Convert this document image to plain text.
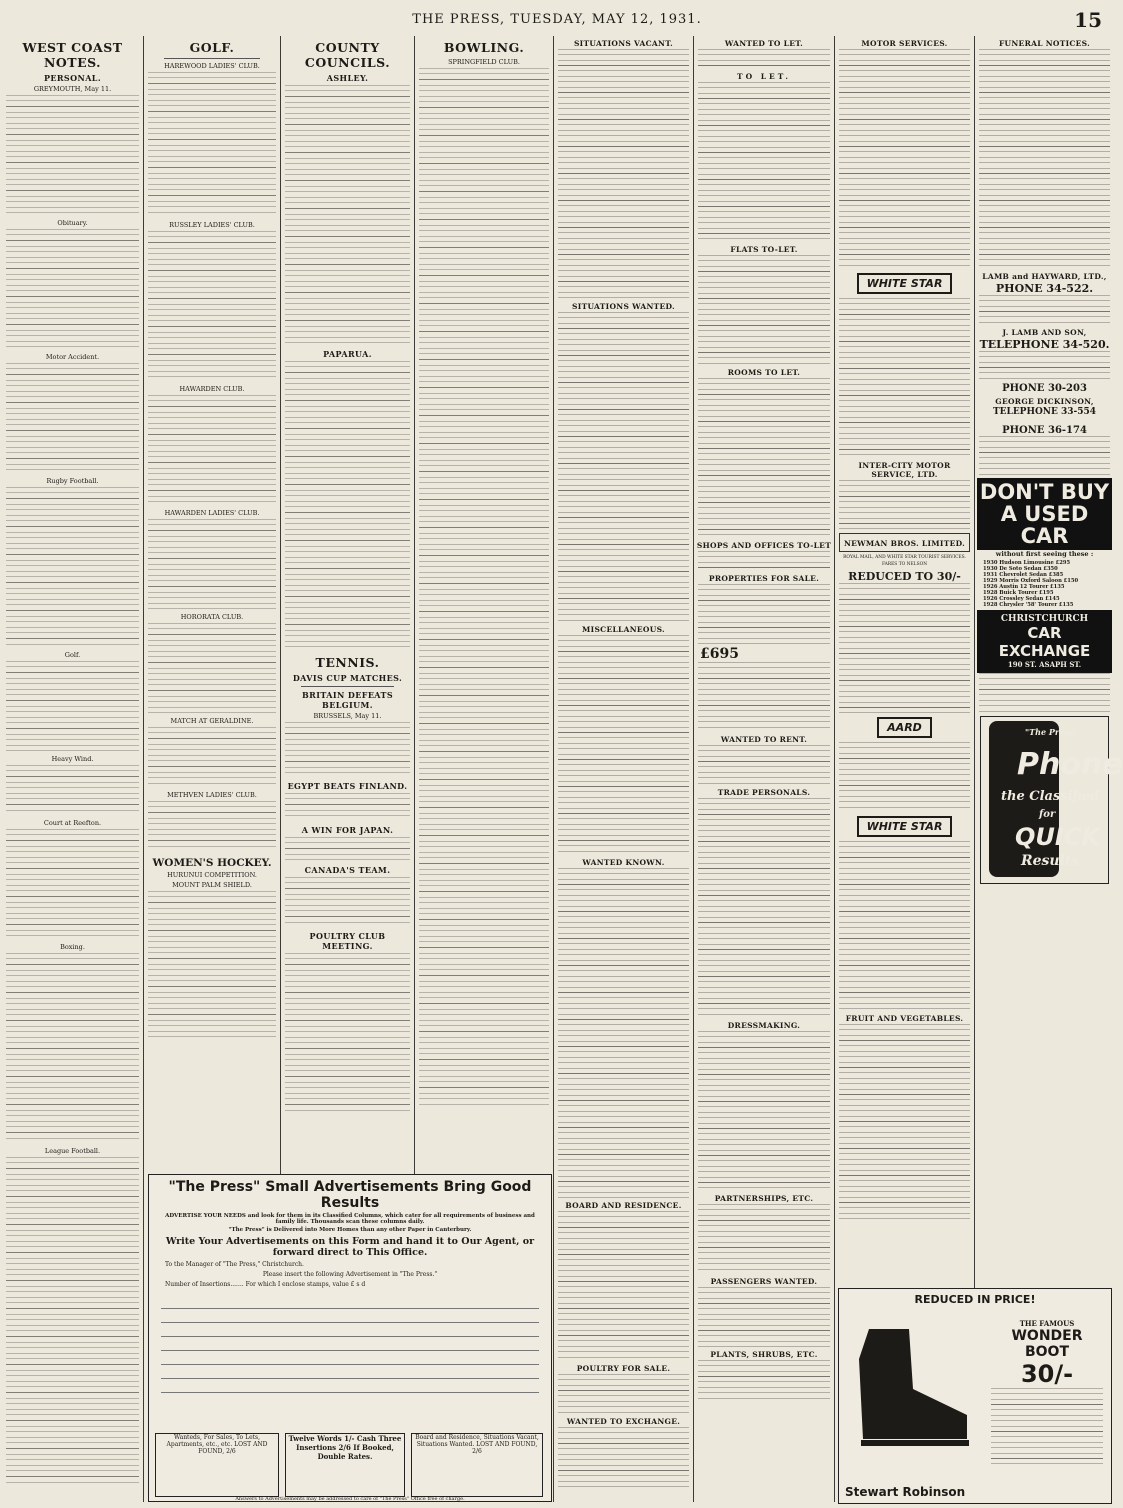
THE PRESS, TUESDAY, MAY 12, 1931.	15
WEST COAST NOTES.
PERSONAL.
GREYMOUTH, May 11.
Obituary.
Motor Accident.
Rugby Football.
Golf.
Heavy Wind.
Court at Reefton.
Boxing.
League Football.
GOLF.
HAREWOOD LADIES' CLUB.
RUSSLEY LADIES' CLUB.
HAWARDEN CLUB.
HAWARDEN LADIES' CLUB.
HORORATA CLUB.
MATCH AT GERALDINE.
METHVEN LADIES' CLUB.
WOMEN'S HOCKEY.
HURUNUI COMPETITION.
MOUNT PALM SHIELD.
COUNTY COUNCILS.
ASHLEY.
PAPARUA.
TENNIS.
DAVIS CUP MATCHES.
BRITAIN DEFEATS BELGIUM.
BRUSSELS, May 11.
EGYPT BEATS FINLAND.
A WIN FOR JAPAN.
CANADA'S TEAM.
POULTRY CLUB MEETING.
BOWLING.
SPRINGFIELD CLUB.
"The Press" Small Advertisements Bring Good Results
ADVERTISE YOUR NEEDS and look for them in its Classified Columns, which cater for all requirements of business and family life. Thousands scan these columns daily.
"The Press" is Delivered into More Homes than any other Paper in Canterbury.
Write Your Advertisements on this Form and hand it to Our Agent, or forward direct to This Office.
To the Manager of "The Press," Christchurch.
Please insert the following Advertisement in "The Press."
Number of Insertions....... For which I enclose stamps, value £ s d
Wanteds, For Sales, To Lets, Apartments, etc., etc. LOST AND FOUND, 2/6
Twelve Words 1/- Cash Three Insertions 2/6 If Booked, Double Rates.
Board and Residence, Situations Vacant, Situations Wanted. LOST AND FOUND, 2/6
Answers to Advertisements may be addressed to care of "The Press" Office free of charge.
SITUATIONS VACANT.
SITUATIONS WANTED.
MISCELLANEOUS.
WANTED KNOWN.
BOARD AND RESIDENCE.
POULTRY FOR SALE.
WANTED TO EXCHANGE.
WANTED TO LET.
TO LET.
FLATS TO-LET.
ROOMS TO LET.
SHOPS AND OFFICES TO-LET
PROPERTIES FOR SALE.
£695
WANTED TO RENT.
TRADE PERSONALS.
DRESSMAKING.
PARTNERSHIPS, ETC.
PASSENGERS WANTED.
PLANTS, SHRUBS, ETC.
MOTOR SERVICES.
WHITE STAR
INTER-CITY MOTOR SERVICE, LTD.
NEWMAN BROS. LIMITED.
ROYAL MAIL, AND WHITE STAR TOURIST SERVICES.
FARES TO NELSON
REDUCED TO 30/-
AARD
WHITE STAR
FRUIT AND VEGETABLES.
FUNERAL NOTICES.
LAMB and HAYWARD, LTD.,
PHONE 34-522.
J. LAMB AND SON,
TELEPHONE 34-520.
PHONE 30-203
GEORGE DICKINSON,
TELEPHONE 33-554
PHONE 36-174
DON'T BUY
A USED CAR
without first seeing these :
1930 Hudson Limousine £295
1930 De Soto Sedan £350
1931 Chevrolet Sedan £385
1929 Morris Oxford Saloon £150
1926 Austin 12 Tourer £135
1928 Buick Tourer £195
1926 Crossley Sedan £145
1928 Chrysler '58' Tourer £135
CHRISTCHURCH
CAR
EXCHANGE
190 ST. ASAPH ST.
"The Press"
Phone
the Classified
for
QUICK
Results
REDUCED IN PRICE!
THE FAMOUS
WONDER BOOT
30/-
Stewart Robinson
